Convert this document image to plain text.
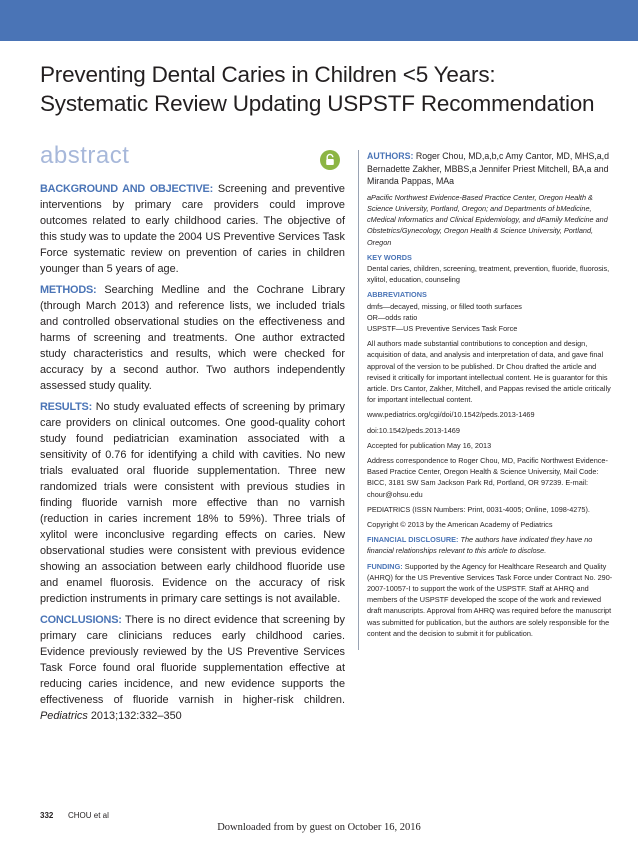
Preventing Dental Caries in Children <5 Years:
Systematic Review Updating USPSTF Recommendation
abstract

BACKGROUND AND OBJECTIVE: Screening and preventive interventions by primary care providers could improve outcomes related to early childhood caries. The objective of this study was to update the 2004 US Preventive Services Task Force systematic review on prevention of caries in children younger than 5 years of age.

METHODS: Searching Medline and the Cochrane Library (through March 2013) and reference lists, we included trials and controlled observational studies on the effectiveness and harms of screening and treatments. One author extracted study characteristics and results, which were checked for accuracy by a second author. Two authors independently assessed study quality.

RESULTS: No study evaluated effects of screening by primary care providers on clinical outcomes. One good-quality cohort study found pediatrician examination associated with a sensitivity of 0.76 for identifying a child with cavities. No new trials evaluated oral fluoride supplementation. Three new randomized trials were consistent with previous studies in finding fluoride varnish more effective than no varnish (reduction in caries increment 18% to 59%). Three trials of xylitol were inconclusive regarding effects on caries. New observational studies were consistent with previous evidence showing an association between early childhood fluoride use and enamel fluorosis. Evidence on the accuracy of risk prediction instruments in primary care settings is not available.

CONCLUSIONS: There is no direct evidence that screening by primary care clinicians reduces early childhood caries. Evidence previously reviewed by the US Preventive Services Task Force found oral fluoride supplementation effective at reducing caries incidence, and new evidence supports the effectiveness of fluoride varnish in higher-risk children. Pediatrics 2013;132:332–350

AUTHORS: Roger Chou, MD,a,b,c Amy Cantor, MD, MHS,a,d Bernadette Zakher, MBBS,a Jennifer Priest Mitchell, BA,a and Miranda Pappas, MAa

aPacific Northwest Evidence-Based Practice Center, Oregon Health & Science University, Portland, Oregon; and Departments of bMedicine, cMedical Informatics and Clinical Epidemiology, and dFamily Medicine and Obstetrics/Gynecology, Oregon Health & Science University, Portland, Oregon

KEY WORDS

Dental caries, children, screening, treatment, prevention, fluoride, fluorosis, xylitol, education, counseling

ABBREVIATIONS
dmfs—decayed, missing, or filled tooth surfaces
OR—odds ratio

USPSTF—US Preventive Services Task Force

All authors made substantial contributions to conception and design, acquisition of data, and analysis and interpretation of data, and gave final approval of the version to be published. Dr Chou drafted the article and revised it critically for important intellectual content. He is guarantor for this article. Drs Cantor, Zakher, Mitchell, and Pappas revised the article critically for important intellectual content.

www.pediatrics.org/cgi/doi/10.1542/peds.2013-1469

doi:10.1542/peds.2013-1469

Accepted for publication May 16, 2013

Address correspondence to Roger Chou, MD, Pacific Northwest Evidence-Based Practice Center, Oregon Health & Science University, Mail Code: BICC, 3181 SW Sam Jackson Park Rd, Portland, OR 97239. E-mail: chour@ohsu.edu

PEDIATRICS (ISSN Numbers: Print, 0031-4005; Online, 1098-4275).

Copyright © 2013 by the American Academy of Pediatrics

FINANCIAL DISCLOSURE: The authors have indicated they have no financial relationships relevant to this article to disclose.

FUNDING: Supported by the Agency for Healthcare Research and Quality (AHRQ) for the US Preventive Services Task Force under Contract No. 290-2007-10057-I to support the work of the USPSTF. Staff at AHRQ and members of the USPSTF developed the scope of the work and reviewed draft manuscripts. Approval from AHRQ was required before the manuscript was submitted for publication, but the authors are solely responsible for the content and the decision to submit it for publication.

332 CHOU et al
Downloaded from by guest on October 16, 2016
